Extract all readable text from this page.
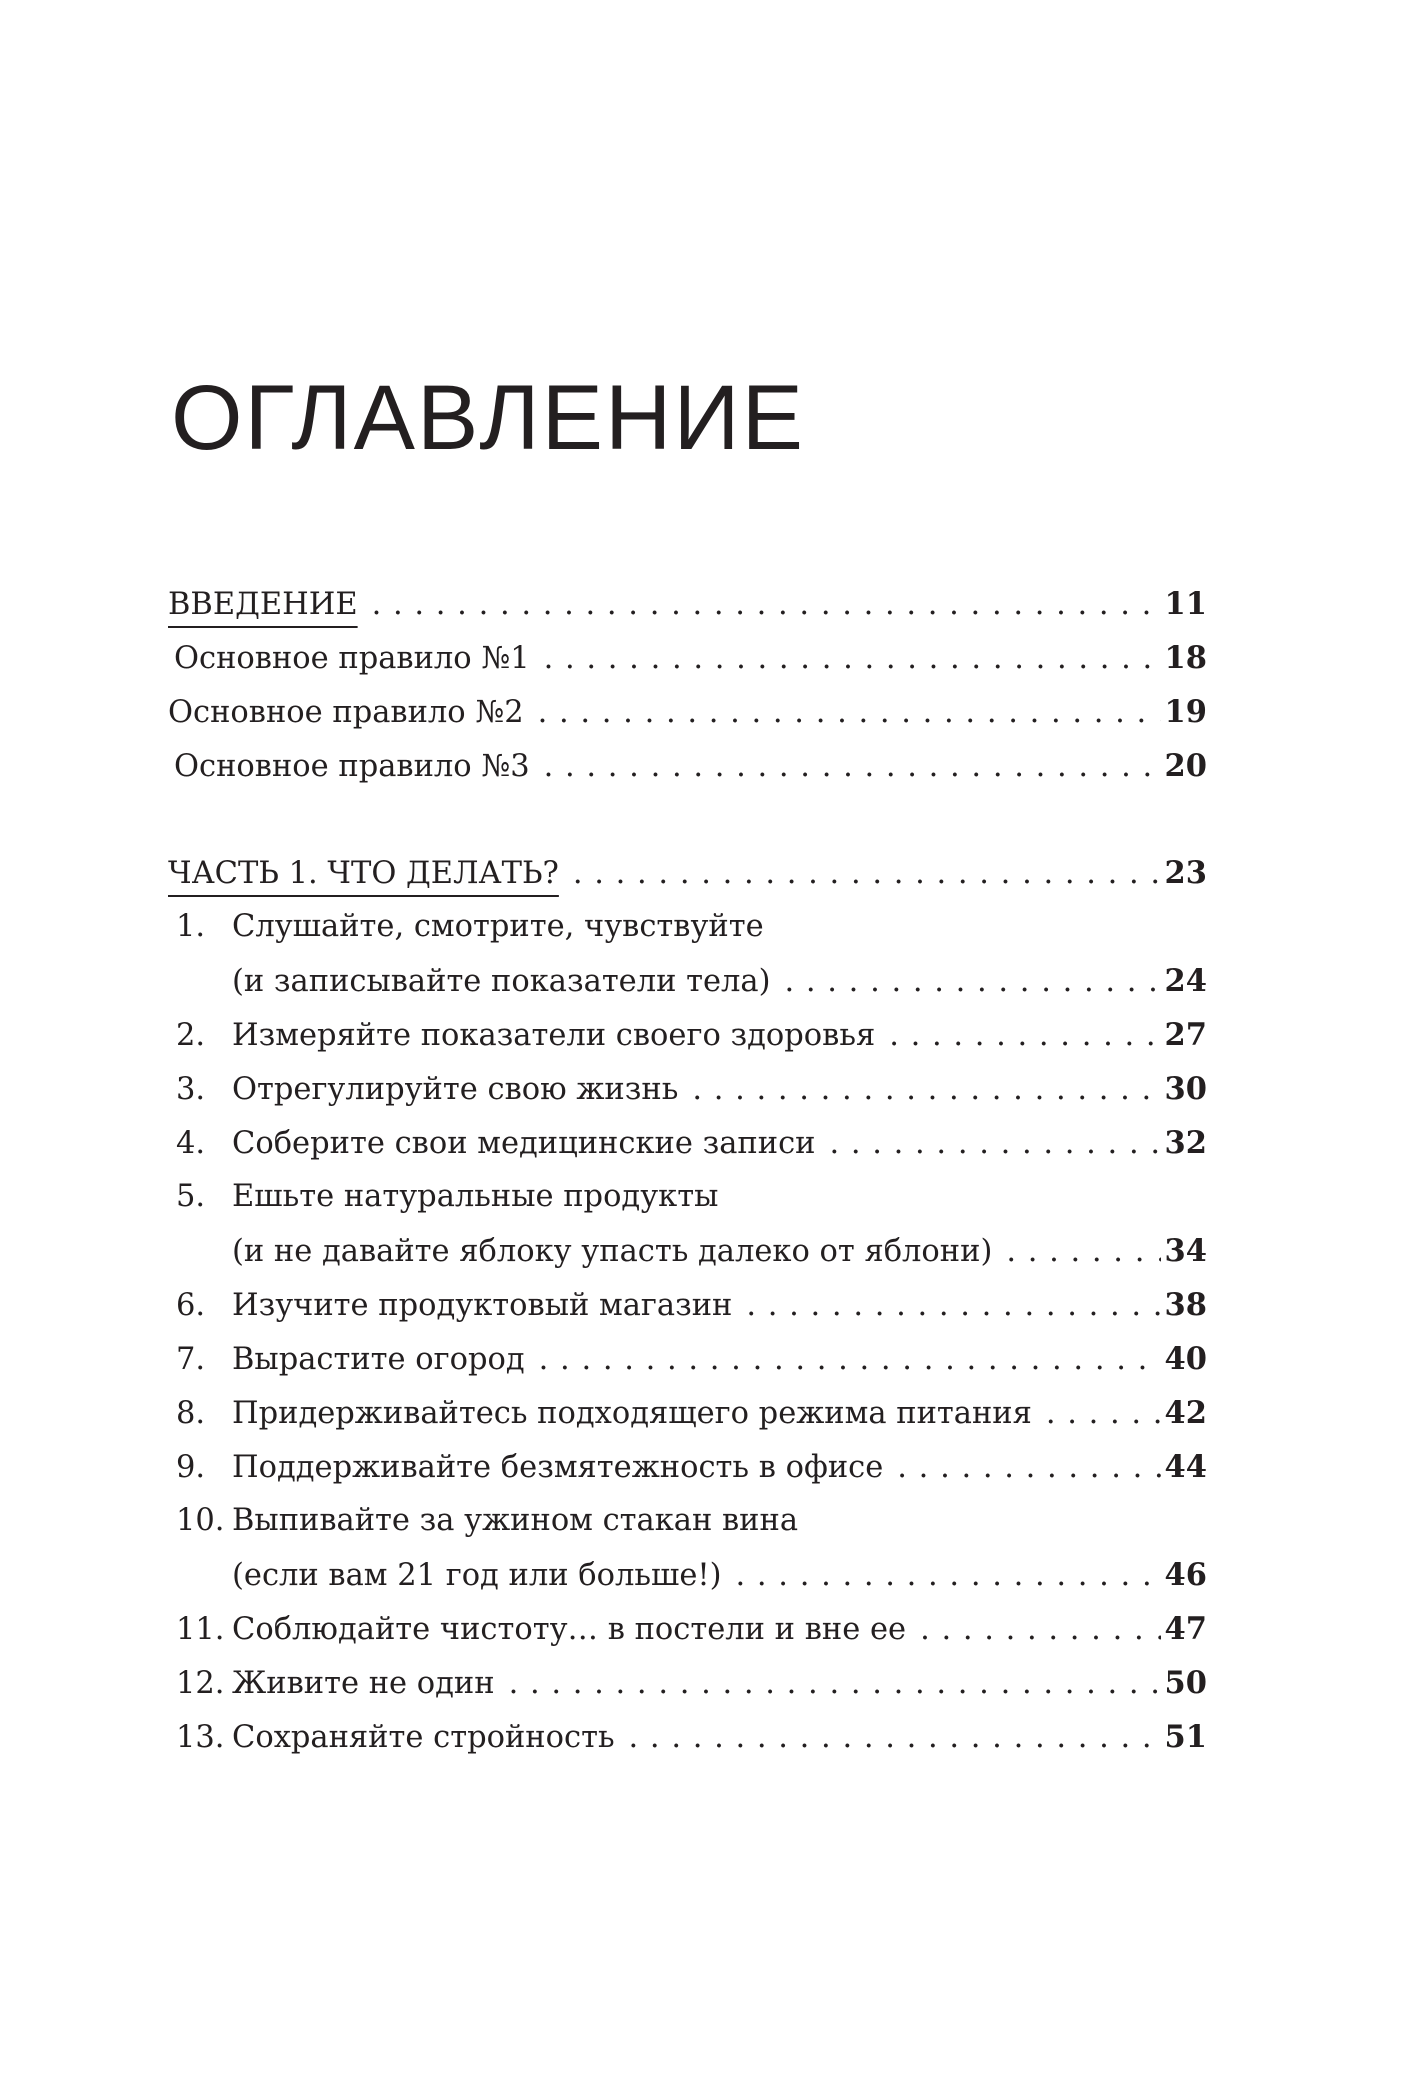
ОГЛАВЛЕНИЕ
ВВЕДЕНИЕ . . .	11
Основное правило №1 . . .	18
Основное правило №2 . . .	19
Основное правило №3 . . .	20
ЧАСТЬ 1. ЧТО ДЕЛАТЬ? . . .	23
1. Слушайте, смотрите, чувствуйте
(и записывайте показатели тела) . . .	24
2. Измеряйте показатели своего здоровья . . .	27
3. Отрегулируйте свою жизнь . . .	30
4. Соберите свои медицинские записи . . .	32
5. Ешьте натуральные продукты
(и не давайте яблоку упасть далеко от яблони) . . .	34
6. Изучите продуктовый магазин . . .	38
7. Вырастите огород . . .	40
8. Придерживайтесь подходящего режима питания . . .	42
9. Поддерживайте безмятежность в офисе . . .	44
10. Выпивайте за ужином стакан вина
(если вам 21 год или больше!) . . .	46
11. Соблюдайте чистоту… в постели и вне ее . . .	47
12. Живите не один . . .	50
13. Сохраняйте стройность . . .	51
